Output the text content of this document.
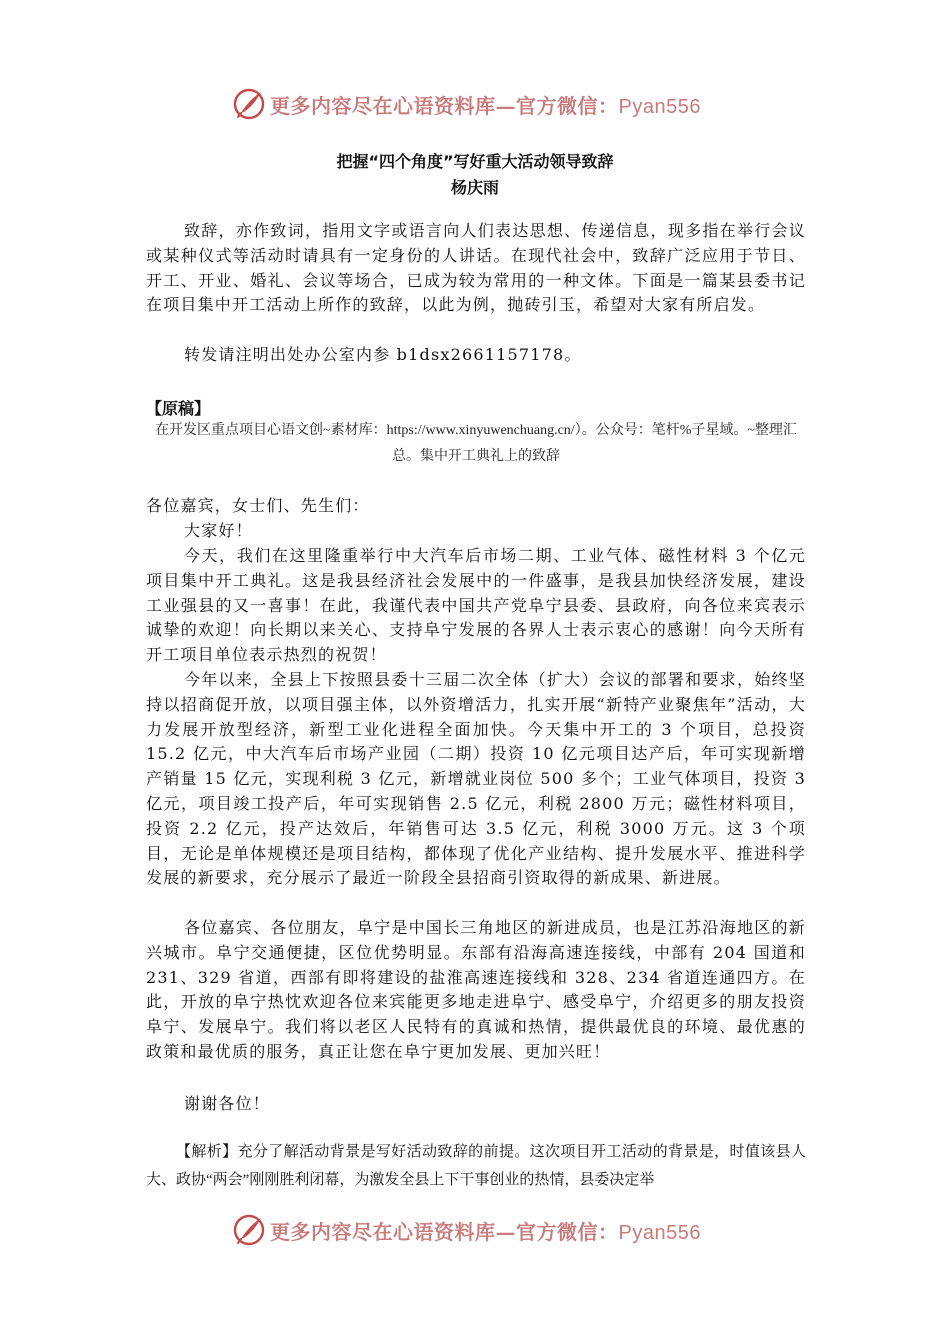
更多内容尽在心语资料库—官方微信：Pyan556
把握“四个角度”写好重大活动领导致辞
杨庆雨

致辞，亦作致词，指用文字或语言向人们表达思想、传递信息，现多指在举行会议或某种仪式等活动时请具有一定身份的人讲话。在现代社会中，致辞广泛应用于节日、开工、开业、婚礼、会议等场合，已成为较为常用的一种文体。下面是一篇某县委书记在项目集中开工活动上所作的致辞，以此为例，抛砖引玉，希望对大家有所启发。

转发请注明出处办公室内参 b1dsx2661157178。

【原稿】
在开发区重点项目心语文创~素材库：https://www.xinyuwenchuang.cn/）。公众号：笔杆%子星域。~整理汇总。集中开工典礼上的致辞

各位嘉宾，女士们、先生们：

大家好！

今天，我们在这里隆重举行中大汽车后市场二期、工业气体、磁性材料 3 个亿元项目集中开工典礼。这是我县经济社会发展中的一件盛事，是我县加快经济发展，建设工业强县的又一喜事！在此，我谨代表中国共产党阜宁县委、县政府，向各位来宾表示诚挚的欢迎！向长期以来关心、支持阜宁发展的各界人士表示衷心的感谢！向今天所有开工项目单位表示热烈的祝贺！

今年以来，全县上下按照县委十三届二次全体（扩大）会议的部署和要求，始终坚持以招商促开放，以项目强主体，以外资增活力，扎实开展“新特产业聚焦年”活动，大力发展开放型经济，新型工业化进程全面加快。今天集中开工的 3 个项目，总投资 15.2 亿元，中大汽车后市场产业园（二期）投资 10 亿元项目达产后，年可实现新增产销量 15 亿元，实现利税 3 亿元，新增就业岗位 500 多个；工业气体项目，投资 3 亿元，项目竣工投产后，年可实现销售 2.5 亿元，利税 2800 万元；磁性材料项目，投资 2.2 亿元，投产达效后，年销售可达 3.5 亿元，利税 3000 万元。这 3 个项目，无论是单体规模还是项目结构，都体现了优化产业结构、提升发展水平、推进科学发展的新要求，充分展示了最近一阶段全县招商引资取得的新成果、新进展。

各位嘉宾、各位朋友，阜宁是中国长三角地区的新进成员，也是江苏沿海地区的新兴城市。阜宁交通便捷，区位优势明显。东部有沿海高速连接线，中部有 204 国道和 231、329 省道，西部有即将建设的盐淮高速连接线和 328、234 省道连通四方。在此，开放的阜宁热忱欢迎各位来宾能更多地走进阜宁、感受阜宁，介绍更多的朋友投资阜宁、发展阜宁。我们将以老区人民特有的真诚和热情，提供最优良的环境、最优惠的政策和最优质的服务，真正让您在阜宁更加发展、更加兴旺！

谢谢各位！

【解析】充分了解活动背景是写好活动致辞的前提。这次项目开工活动的背景是，时值该县人大、政协“两会”刚刚胜利闭幕，为激发全县上下干事创业的热情，县委决定举

更多内容尽在心语资料库—官方微信：Pyan556
